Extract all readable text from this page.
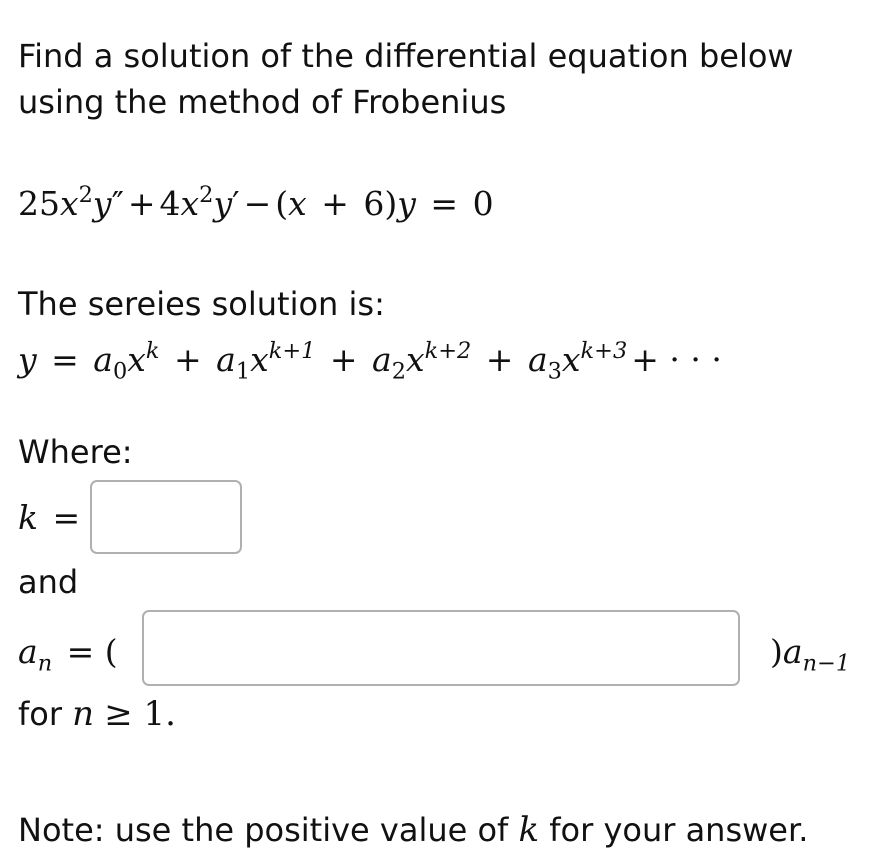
Find a solution of the differential equation below
using the method of Frobenius
$25x^2y'' + 4x^2y' - (x + 6)y = 0$
The sereies solution is:
$y = a_0x^k + a_1x^{k+1} + a_2x^{k+2} + a_3x^{k+3}$ + · · ·
Where:
k =
and
$a_n$ = (	)$a_{n-1}$
for n ≥ 1.
Note: use the positive value of k for your answer.
